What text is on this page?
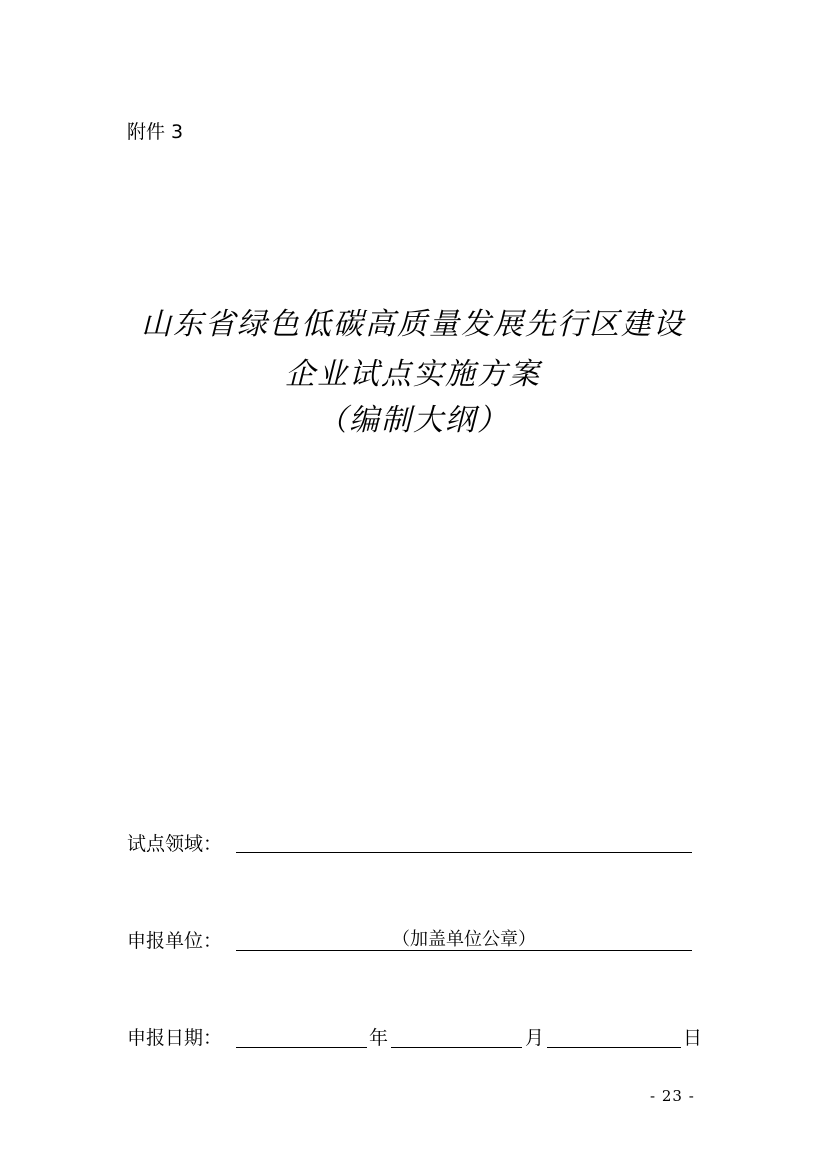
附件 3
山东省绿色低碳高质量发展先行区建设
企业试点实施方案
（编制大纲）
试点领域：
申报单位：	（加盖单位公章）
申报日期：	年	月	日
- 23 -
